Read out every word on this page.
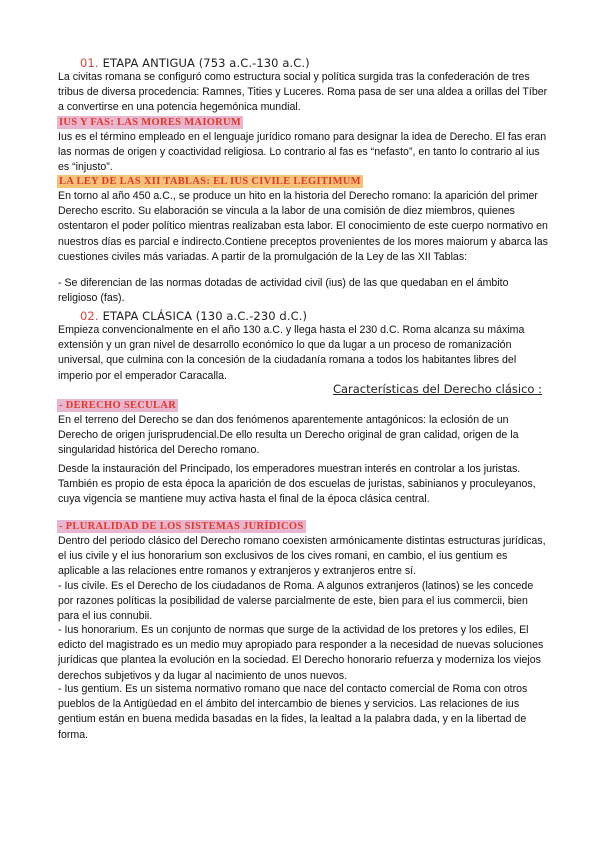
01. ETAPA ANTIGUA (753 a.C.-130 a.C.)
La civitas romana se configuró como estructura social y política surgida tras la confederación de tres tribus de diversa procedencia: Ramnes, Tities y Luceres. Roma pasa de ser una aldea a orillas del Tíber a convertirse en una potencia hegemónica mundial.
IUS Y FAS: LAS MORES MAIORUM
Ius es el término empleado en el lenguaje jurídico romano para designar la idea de Derecho. El fas eran las normas de origen y coactividad religiosa. Lo contrario al fas es “nefasto”, en tanto lo contrario al ius es “injusto”.
LA LEY DE LAS XII TABLAS: EL IUS CIVILE LEGITIMUM
En torno al año 450 a.C., se produce un hito en la historia del Derecho romano: la aparición del primer Derecho escrito. Su elaboración se vincula a la labor de una comisión de diez miembros, quienes ostentaron el poder político mientras realizaban esta labor. El conocimiento de este cuerpo normativo en nuestros días es parcial e indirecto.Contiene preceptos provenientes de los mores maiorum y abarca las cuestiones civiles más variadas. A partir de la promulgación de la Ley de las XII Tablas:
- Se diferencian de las normas dotadas de actividad civil (ius) de las que quedaban en el ámbito religioso (fas).
02. ETAPA CLÁSICA (130 a.C.-230 d.C.)
Empieza convencionalmente en el año 130 a.C. y llega hasta el 230 d.C. Roma alcanza su máxima extensión y un gran nivel de desarrollo económico lo que da lugar a un proceso de romanización universal, que culmina con la concesión de la ciudadanía romana a todos los habitantes libres del imperio por el emperador Caracalla.
Características del Derecho clásico :
- DERECHO SECULAR
En el terreno del Derecho se dan dos fenómenos aparentemente antagónicos: la eclosión de un Derecho de origen jurisprudencial.De ello resulta un Derecho original de gran calidad, origen de la singularidad histórica del Derecho romano.
Desde la instauración del Principado, los emperadores muestran interés en controlar a los juristas. También es propio de esta época la aparición de dos escuelas de juristas, sabinianos y proculeyanos, cuya vigencia se mantiene muy activa hasta el final de la época clásica central.
- PLURALIDAD DE LOS SISTEMAS JURÍDICOS
Dentro del periodo clásico del Derecho romano coexisten armónicamente distintas estructuras jurídicas, el ius civile y el ius honorarium son exclusivos de los cives romani, en cambio, el ius gentium es aplicable a las relaciones entre romanos y extranjeros y extranjeros entre sí.
- Ius civile. Es el Derecho de los ciudadanos de Roma. A algunos extranjeros (latinos) se les concede por razones políticas la posibilidad de valerse parcialmente de este, bien para el ius commercii, bien para el ius connubii.
- Ius honorarium. Es un conjunto de normas que surge de la actividad de los pretores y los ediles, El edicto del magistrado es un medio muy apropiado para responder a la necesidad de nuevas soluciones jurídicas que plantea la evolución en la sociedad. El Derecho honorario refuerza y moderniza los viejos derechos subjetivos y da lugar al nacimiento de unos nuevos.
- Ius gentium. Es un sistema normativo romano que nace del contacto comercial de Roma con otros pueblos de la Antigüedad en el ámbito del intercambio de bienes y servicios. Las relaciones de ius gentium están en buena medida basadas en la fides, la lealtad a la palabra dada, y en la libertad de forma.
